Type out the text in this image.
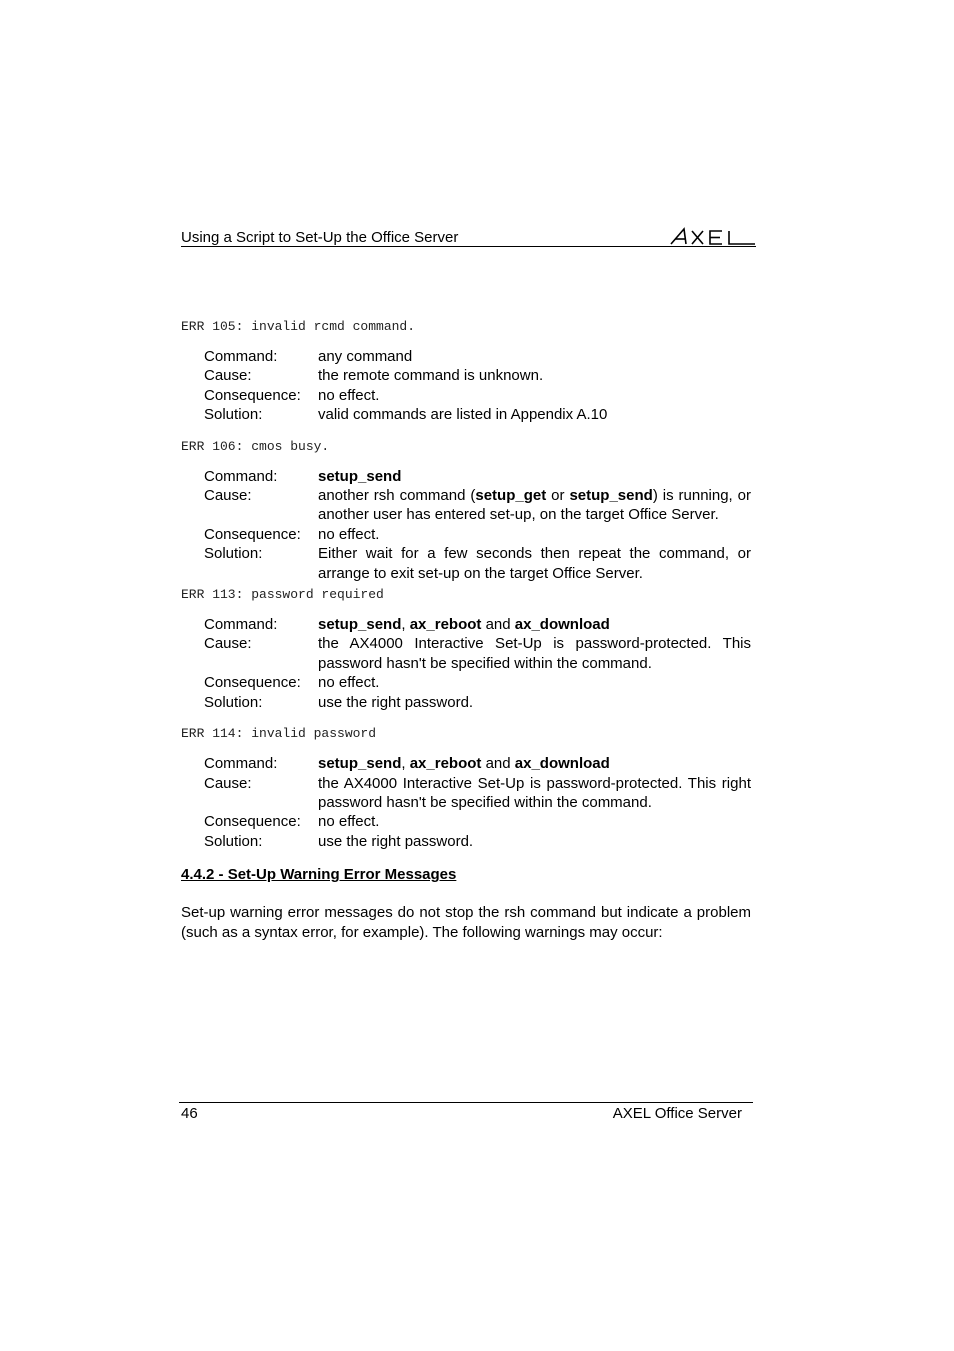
Using a Script to Set-Up the Office Server

ERR 105: invalid rcmd command.

Command:	any command
Cause:	the remote command is unknown.
Consequence:	no effect.
Solution:	valid commands are listed in Appendix A.10

ERR 106: cmos busy.

Command:	setup_send
Cause:	another rsh command (setup_get or setup_send) is running, or another user has entered set-up, on the target Office Server.
Consequence:	no effect.
Solution:	Either wait for a few seconds then repeat the command, or arrange to exit set-up on the target Office Server.

ERR 113: password required

Command:	setup_send, ax_reboot and ax_download
Cause:	the AX4000 Interactive Set-Up is password-protected. This password hasn't be specified within the command.
Consequence:	no effect.
Solution:	use the right password.

ERR 114: invalid password

Command:	setup_send, ax_reboot and ax_download
Cause:	the AX4000 Interactive Set-Up is password-protected. This right password hasn't be specified within the command.
Consequence:	no effect.
Solution:	use the right password.
4.4.2 - Set-Up Warning Error Messages

Set-up warning error messages do not stop the rsh command but indicate a problem (such as a syntax error, for example). The following warnings may occur:

46	AXEL Office Server
